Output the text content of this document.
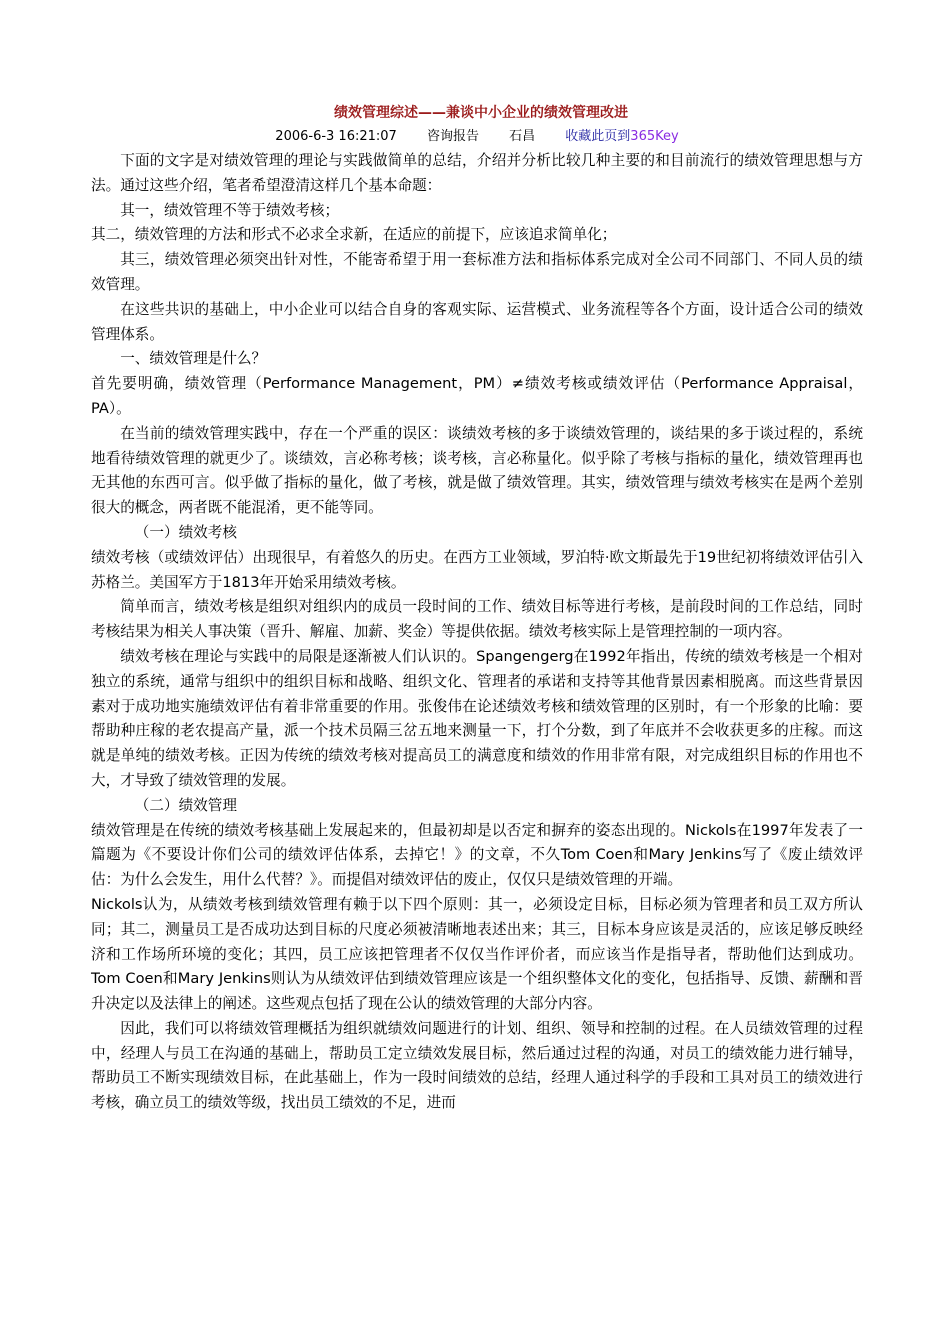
绩效管理综述——兼谈中小企业的绩效管理改进

2006-6-3 16:21:07 咨询报告 石昌 收藏此页到365Key

下面的文字是对绩效管理的理论与实践做简单的总结，介绍并分析比较几种主要的和目前流行的绩效管理思想与方法。通过这些介绍，笔者希望澄清这样几个基本命题：

其一，绩效管理不等于绩效考核；

其二，绩效管理的方法和形式不必求全求新，在适应的前提下，应该追求简单化；

其三，绩效管理必须突出针对性，不能寄希望于用一套标准方法和指标体系完成对全公司不同部门、不同人员的绩效管理。

在这些共识的基础上，中小企业可以结合自身的客观实际、运营模式、业务流程等各个方面，设计适合公司的绩效管理体系。

一、绩效管理是什么？

首先要明确，绩效管理（Performance Management，PM）≠绩效考核或绩效评估（Performance Appraisal，PA）。

在当前的绩效管理实践中，存在一个严重的误区：谈绩效考核的多于谈绩效管理的，谈结果的多于谈过程的，系统地看待绩效管理的就更少了。谈绩效，言必称考核；谈考核，言必称量化。似乎除了考核与指标的量化，绩效管理再也无其他的东西可言。似乎做了指标的量化，做了考核，就是做了绩效管理。其实，绩效管理与绩效考核实在是两个差别很大的概念，两者既不能混淆，更不能等同。

（一）绩效考核

绩效考核（或绩效评估）出现很早，有着悠久的历史。在西方工业领域，罗泊特·欧文斯最先于19世纪初将绩效评估引入苏格兰。美国军方于1813年开始采用绩效考核。

简单而言，绩效考核是组织对组织内的成员一段时间的工作、绩效目标等进行考核，是前段时间的工作总结，同时考核结果为相关人事决策（晋升、解雇、加薪、奖金）等提供依据。绩效考核实际上是管理控制的一项内容。

绩效考核在理论与实践中的局限是逐渐被人们认识的。Spangengerg在1992年指出，传统的绩效考核是一个相对独立的系统，通常与组织中的组织目标和战略、组织文化、管理者的承诺和支持等其他背景因素相脱离。而这些背景因素对于成功地实施绩效评估有着非常重要的作用。张俊伟在论述绩效考核和绩效管理的区别时，有一个形象的比喻：要帮助种庄稼的老农提高产量，派一个技术员隔三岔五地来测量一下，打个分数，到了年底并不会收获更多的庄稼。而这就是单纯的绩效考核。正因为传统的绩效考核对提高员工的满意度和绩效的作用非常有限，对完成组织目标的作用也不大，才导致了绩效管理的发展。

（二）绩效管理

绩效管理是在传统的绩效考核基础上发展起来的，但最初却是以否定和摒弃的姿态出现的。Nickols在1997年发表了一篇题为《不要设计你们公司的绩效评估体系，去掉它！》的文章，不久Tom Coen和Mary Jenkins写了《废止绩效评估：为什么会发生，用什么代替？》。而提倡对绩效评估的废止，仅仅只是绩效管理的开端。

Nickols认为，从绩效考核到绩效管理有赖于以下四个原则：其一，必须设定目标，目标必须为管理者和员工双方所认同；其二，测量员工是否成功达到目标的尺度必须被清晰地表述出来；其三，目标本身应该是灵活的，应该足够反映经济和工作场所环境的变化；其四，员工应该把管理者不仅仅当作评价者，而应该当作是指导者，帮助他们达到成功。Tom Coen和Mary Jenkins则认为从绩效评估到绩效管理应该是一个组织整体文化的变化，包括指导、反馈、薪酬和晋升决定以及法律上的阐述。这些观点包括了现在公认的绩效管理的大部分内容。

因此，我们可以将绩效管理概括为组织就绩效问题进行的计划、组织、领导和控制的过程。在人员绩效管理的过程中，经理人与员工在沟通的基础上，帮助员工定立绩效发展目标，然后通过过程的沟通，对员工的绩效能力进行辅导，帮助员工不断实现绩效目标，在此基础上，作为一段时间绩效的总结，经理人通过科学的手段和工具对员工的绩效进行考核，确立员工的绩效等级，找出员工绩效的不足，进而
